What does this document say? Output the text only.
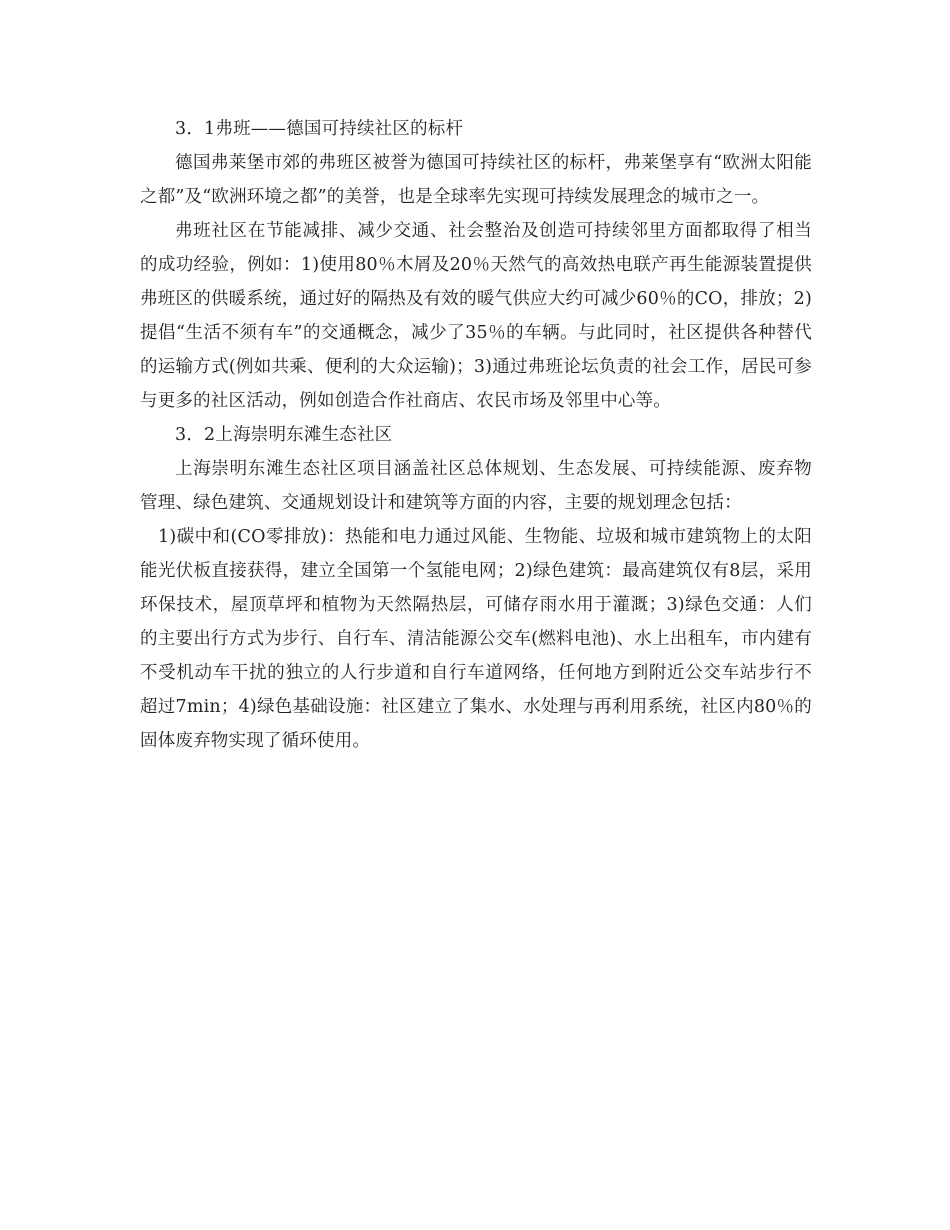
3．1弗班——德国可持续社区的标杆

德国弗莱堡市郊的弗班区被誉为德国可持续社区的标杆，弗莱堡享有“欧洲太阳能之都”及“欧洲环境之都”的美誉，也是全球率先实现可持续发展理念的城市之一。

弗班社区在节能减排、减少交通、社会整治及创造可持续邻里方面都取得了相当的成功经验，例如：1)使用80％木屑及20％天然气的高效热电联产再生能源装置提供弗班区的供暖系统，通过好的隔热及有效的暖气供应大约可减少60％的CO，排放；2)提倡“生活不须有车”的交通概念，减少了35％的车辆。与此同时，社区提供各种替代的运输方式(例如共乘、便利的大众运输)；3)通过弗班论坛负责的社会工作，居民可参与更多的社区活动，例如创造合作社商店、农民市场及邻里中心等。

3．2上海崇明东滩生态社区

上海崇明东滩生态社区项目涵盖社区总体规划、生态发展、可持续能源、废弃物管理、绿色建筑、交通规划设计和建筑等方面的内容，主要的规划理念包括：

1)碳中和(CO零排放)：热能和电力通过风能、生物能、垃圾和城市建筑物上的太阳能光伏板直接获得，建立全国第一个氢能电网；2)绿色建筑：最高建筑仅有8层，采用环保技术，屋顶草坪和植物为天然隔热层，可储存雨水用于灌溉；3)绿色交通：人们的主要出行方式为步行、自行车、清洁能源公交车(燃料电池)、水上出租车，市内建有不受机动车干扰的独立的人行步道和自行车道网络，任何地方到附近公交车站步行不超过7min；4)绿色基础设施：社区建立了集水、水处理与再利用系统，社区内80％的固体废弃物实现了循环使用。
